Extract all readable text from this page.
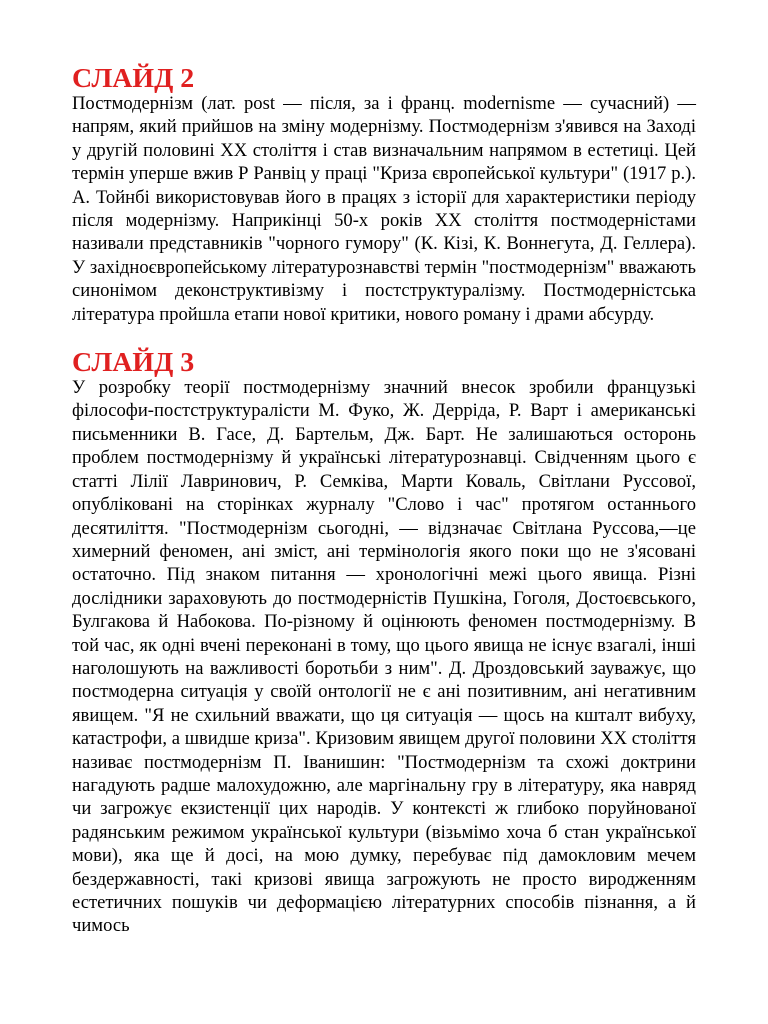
СЛАЙД 2

Постмодернізм (лат. post — після, за і франц. modernisme — сучасний) — напрям, який прийшов на зміну модернізму. Постмодернізм з'явився на Заході у другій половині ХХ століття і став визначальним напрямом в естетиці. Цей термін уперше вжив Р Ранвіц у праці "Криза європейської культури" (1917 р.). А. Тойнбі використовував його в працях з історії для характеристики періоду після модернізму. Наприкінці 50-х років ХХ століття постмодерністами називали представників "чорного гумору" (К. Кізі, К. Воннегута, Д. Геллера). У західноєвропейському літературознавстві термін "постмодернізм" вважають синонімом деконструктивізму і постструктуралізму. Постмодерністська література пройшла етапи нової критики, нового роману і драми абсурду.

СЛАЙД 3

У розробку теорії постмодернізму значний внесок зробили французькі філософи-постструктуралісти М. Фуко, Ж. Дерріда, Р. Варт і американські письменники В. Гасе, Д. Бартельм, Дж. Барт. Не залишаються осторонь проблем постмодернізму й українські літературознавці. Свідченням цього є статті Лілії Лавринович, Р. Семківа, Марти Коваль, Світлани Руссової, опубліковані на сторінках журналу "Слово і час" протягом останнього десятиліття. "Постмодернізм сьогодні, — відзначає Світлана Руссова,—це химерний феномен, ані зміст, ані термінологія якого поки що не з'ясовані остаточно. Під знаком питання — хронологічні межі цього явища. Різні дослідники зараховують до постмодерністів Пушкіна, Гоголя, Достоєвського, Булгакова й Набокова. По-різному й оцінюють феномен постмодернізму. В той час, як одні вчені переконані в тому, що цього явища не існує взагалі, інші наголошують на важливості боротьби з ним". Д. Дроздовський зауважує, що постмодерна ситуація у своїй онтології не є ані позитивним, ані негативним явищем. "Я не схильний вважати, що ця ситуація — щось на кшталт вибуху, катастрофи, а швидше криза". Кризовим явищем другої половини ХХ століття називає постмодернізм П. Іванишин: "Постмодернізм та схожі доктрини нагадують радше малохудожню, але маргінальну гру в літературу, яка навряд чи загрожує екзистенції цих народів. У контексті ж глибоко поруйнованої радянським режимом української культури (візьмімо хоча б стан української мови), яка ще й досі, на мою думку, перебуває під дамокловим мечем бездержавності, такі кризові явища загрожують не просто виродженням естетичних пошуків чи деформацією літературних способів пізнання, а й чимось
